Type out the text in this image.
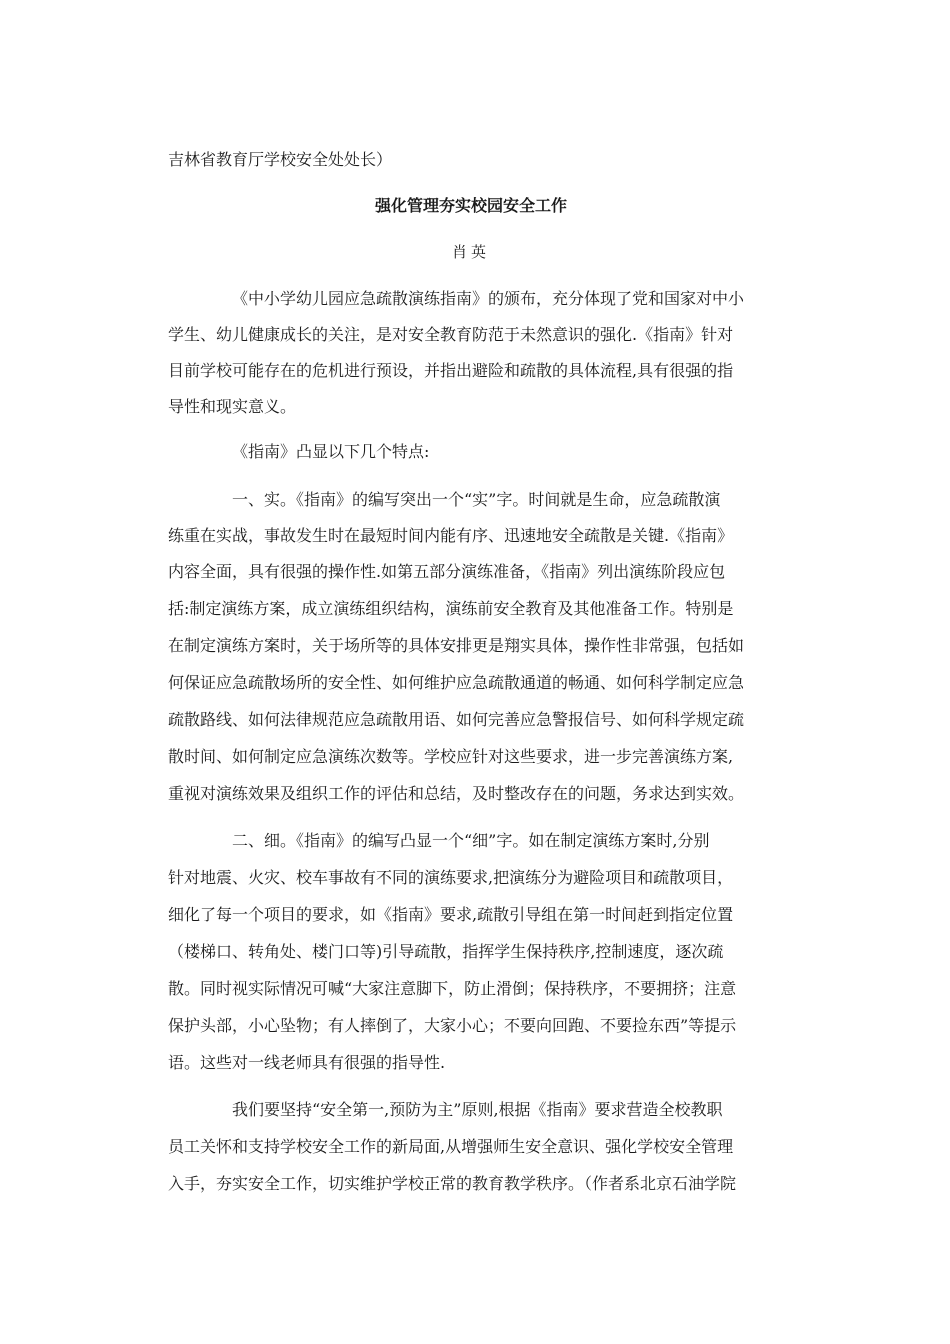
吉林省教育厅学校安全处处长）
强化管理夯实校园安全工作
肖英
《中小学幼儿园应急疏散演练指南》的颁布，充分体现了党和国家对中小
学生、幼儿健康成长的关注，是对安全教育防范于未然意识的强化.《指南》针对
目前学校可能存在的危机进行预设，并指出避险和疏散的具体流程,具有很强的指
导性和现实意义。
《指南》凸显以下几个特点:
一、实。《指南》的编写突出一个“实”字。时间就是生命，应急疏散演
练重在实战，事故发生时在最短时间内能有序、迅速地安全疏散是关键.《指南》
内容全面，具有很强的操作性.如第五部分演练准备，《指南》列出演练阶段应包
括:制定演练方案，成立演练组织结构，演练前安全教育及其他准备工作。特别是
在制定演练方案时，关于场所等的具体安排更是翔实具体，操作性非常强，包括如
何保证应急疏散场所的安全性、如何维护应急疏散通道的畅通、如何科学制定应急
疏散路线、如何法律规范应急疏散用语、如何完善应急警报信号、如何科学规定疏
散时间、如何制定应急演练次数等。学校应针对这些要求，进一步完善演练方案,
重视对演练效果及组织工作的评估和总结，及时整改存在的问题，务求达到实效。
二、细。《指南》的编写凸显一个“细”字。如在制定演练方案时,分别
针对地震、火灾、校车事故有不同的演练要求,把演练分为避险项目和疏散项目，
细化了每一个项目的要求，如《指南》要求,疏散引导组在第一时间赶到指定位置
（楼梯口、转角处、楼门口等)引导疏散，指挥学生保持秩序,控制速度，逐次疏
散。同时视实际情况可喊“大家注意脚下，防止滑倒；保持秩序，不要拥挤；注意
保护头部，小心坠物；有人摔倒了，大家小心；不要向回跑、不要捡东西”等提示
语。这些对一线老师具有很强的指导性.
我们要坚持“安全第一,预防为主”原则,根据《指南》要求营造全校教职
员工关怀和支持学校安全工作的新局面,从增强师生安全意识、强化学校安全管理
入手，夯实安全工作，切实维护学校正常的教育教学秩序。（作者系北京石油学院
